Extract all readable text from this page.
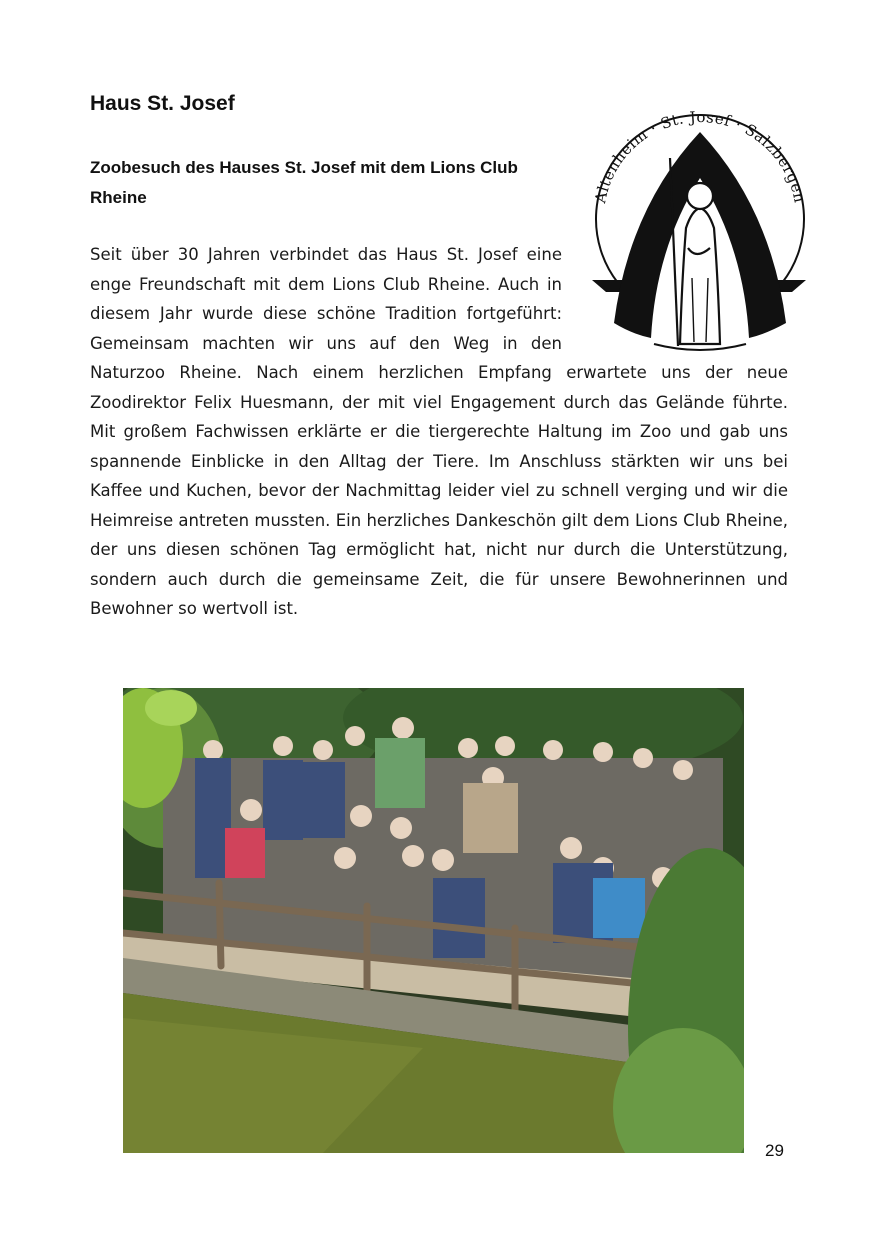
Haus St. Josef
Zoobesuch des Hauses St. Josef mit dem Lions Club Rheine	Altenheim · St. Josef · Salzbergen

Seit über 30 Jahren verbindet das Haus St. Josef eine enge Freundschaft mit dem Lions Club Rheine. Auch in diesem Jahr wurde diese schöne Tradition fortgeführt: Gemeinsam machten wir uns auf den Weg in den Naturzoo Rheine. Nach einem herzlichen Empfang erwartete uns der neue Zoodirektor Felix Huesmann, der mit viel Engagement durch das Gelände führte. Mit großem Fachwissen erklärte er die tiergerechte Haltung im Zoo und gab uns spannende Einblicke in den Alltag der Tiere. Im Anschluss stärkten wir uns bei Kaffee und Kuchen, bevor der Nachmittag leider viel zu schnell verging und wir die Heimreise antreten mussten. Ein herzliches Dankeschön gilt dem Lions Club Rheine, der uns diesen schönen Tag ermöglicht hat, nicht nur durch die Unterstützung, sondern auch durch die gemeinsame Zeit, die für unsere Bewohnerinnen und Bewohner so wertvoll ist.

29
